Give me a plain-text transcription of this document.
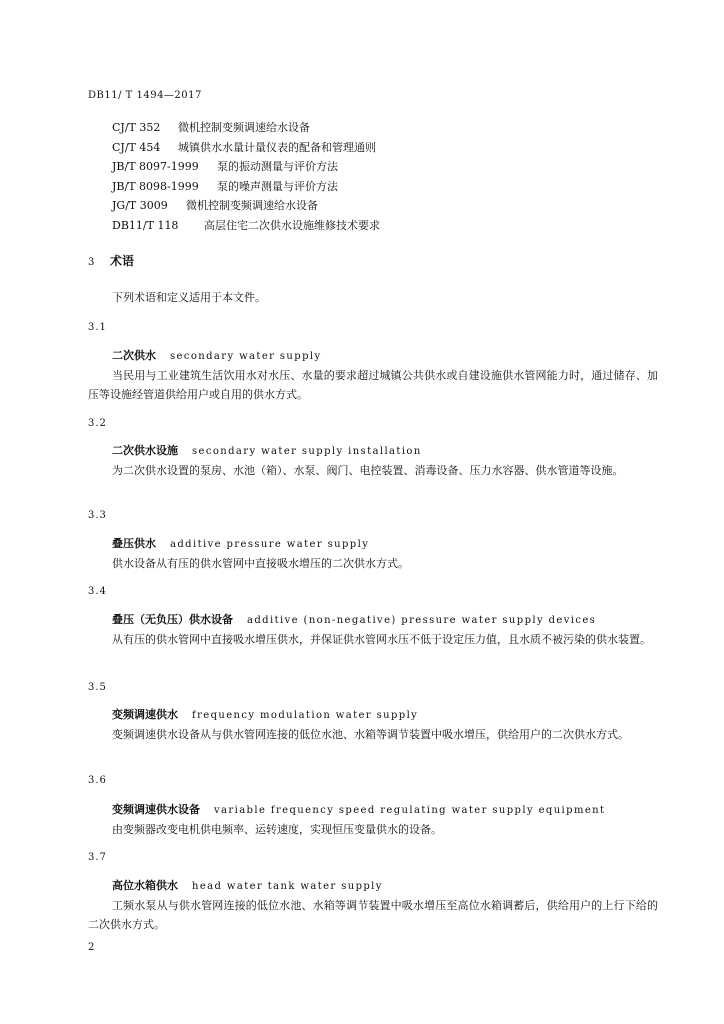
DB11/ T 1494—2017
CJ/T 352 微机控制变频调速给水设备
CJ/T 454 城镇供水水量计量仪表的配备和管理通则
JB/T 8097-1999 泵的振动测量与评价方法
JB/T 8098-1999 泵的噪声测量与评价方法
JG/T 3009 微机控制变频调速给水设备
DB11/T 118 高层住宅二次供水设施维修技术要求
3 术语
下列术语和定义适用于本文件。
3.1
二次供水 secondary water supply
当民用与工业建筑生活饮用水对水压、水量的要求超过城镇公共供水或自建设施供水管网能力时，通过储存、加压等设施经管道供给用户或自用的供水方式。
3.2
二次供水设施 secondary water supply installation
为二次供水设置的泵房、水池（箱）、水泵、阀门、电控装置、消毒设备、压力水容器、供水管道等设施。
3.3
叠压供水 additive pressure water supply
供水设备从有压的供水管网中直接吸水增压的二次供水方式。
3.4
叠压（无负压）供水设备 additive (non-negative) pressure water supply devices
从有压的供水管网中直接吸水增压供水，并保证供水管网水压不低于设定压力值，且水质不被污染的供水装置。
3.5
变频调速供水 frequency modulation water supply
变频调速供水设备从与供水管网连接的低位水池、水箱等调节装置中吸水增压，供给用户的二次供水方式。
3.6
变频调速供水设备 variable frequency speed regulating water supply equipment
由变频器改变电机供电频率、运转速度，实现恒压变量供水的设备。
3.7
高位水箱供水 head water tank water supply
工频水泵从与供水管网连接的低位水池、水箱等调节装置中吸水增压至高位水箱调蓄后，供给用户的上行下给的二次供水方式。
2
